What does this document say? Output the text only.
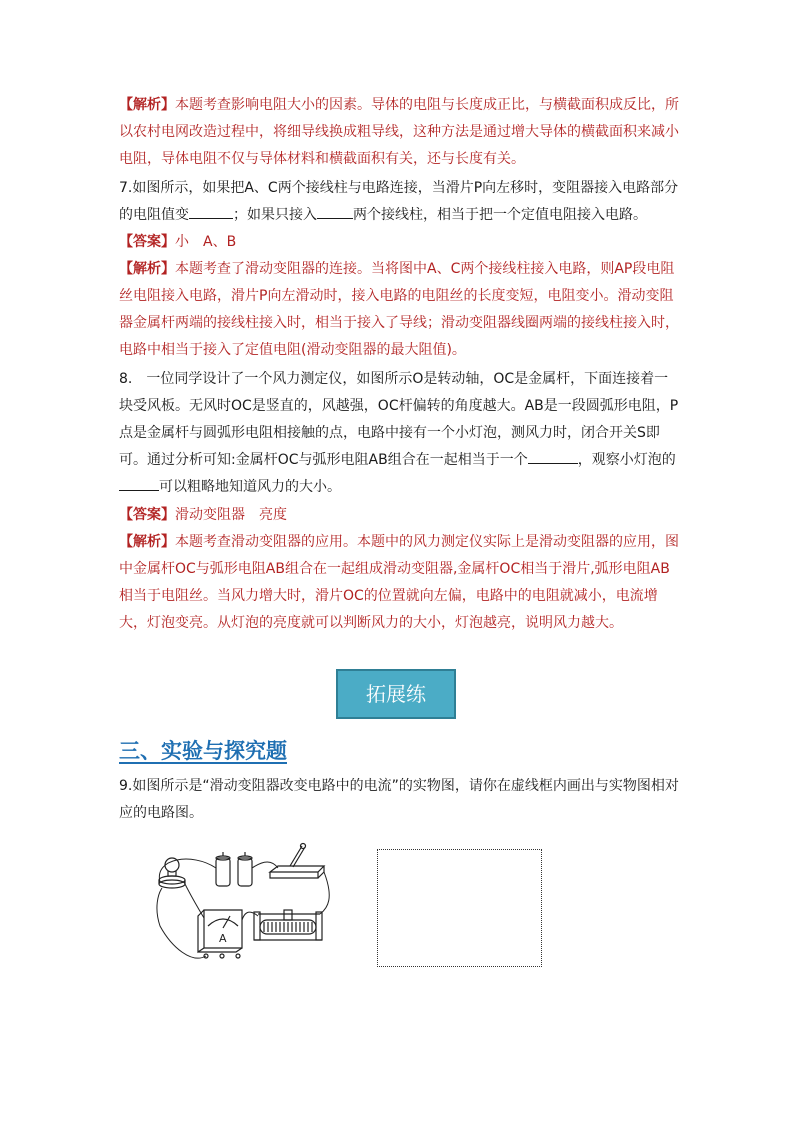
【解析】本题考查影响电阻大小的因素。导体的电阻与长度成正比，与横截面积成反比，所以农村电网改造过程中，将细导线换成粗导线，这种方法是通过增大导体的横截面积来减小电阻，导体电阻不仅与导体材料和横截面积有关，还与长度有关。
7.如图所示，如果把A、C两个接线柱与电路连接，当滑片P向左移时，变阻器接入电路部分的电阻值变	；如果只接入	两个接线柱，相当于把一个定值电阻接入电路。
【答案】小　A、B
【解析】本题考查了滑动变阻器的连接。当将图中A、C两个接线柱接入电路，则AP段电阻丝电阻接入电路，滑片P向左滑动时，接入电路的电阻丝的长度变短，电阻变小。滑动变阻器金属杆两端的接线柱接入时，相当于接入了导线；滑动变阻器线圈两端的接线柱接入时，电路中相当于接入了定值电阻(滑动变阻器的最大阻值)。
8.　一位同学设计了一个风力测定仪，如图所示O是转动轴，OC是金属杆，下面连接着一块受风板。无风时OC是竖直的，风越强，OC杆偏转的角度越大。AB是一段圆弧形电阻，P点是金属杆与圆弧形电阻相接触的点，电路中接有一个小灯泡，测风力时，闭合开关S即可。通过分析可知:金属杆OC与弧形电阻AB组合在一起相当于一个	，观察小灯泡的可以粗略地知道风力的大小。
【答案】滑动变阻器　亮度
【解析】本题考查滑动变阻器的应用。本题中的风力测定仪实际上是滑动变阻器的应用，图中金属杆OC与弧形电阻AB组合在一起组成滑动变阻器,金属杆OC相当于滑片,弧形电阻AB相当于电阻丝。当风力增大时，滑片OC的位置就向左偏，电路中的电阻就减小，电流增大，灯泡变亮。从灯泡的亮度就可以判断风力的大小，灯泡越亮，说明风力越大。
拓展练
三、实验与探究题
9.如图所示是“滑动变阻器改变电路中的电流”的实物图，请你在虚线框内画出与实物图相对应的电路图。
A
